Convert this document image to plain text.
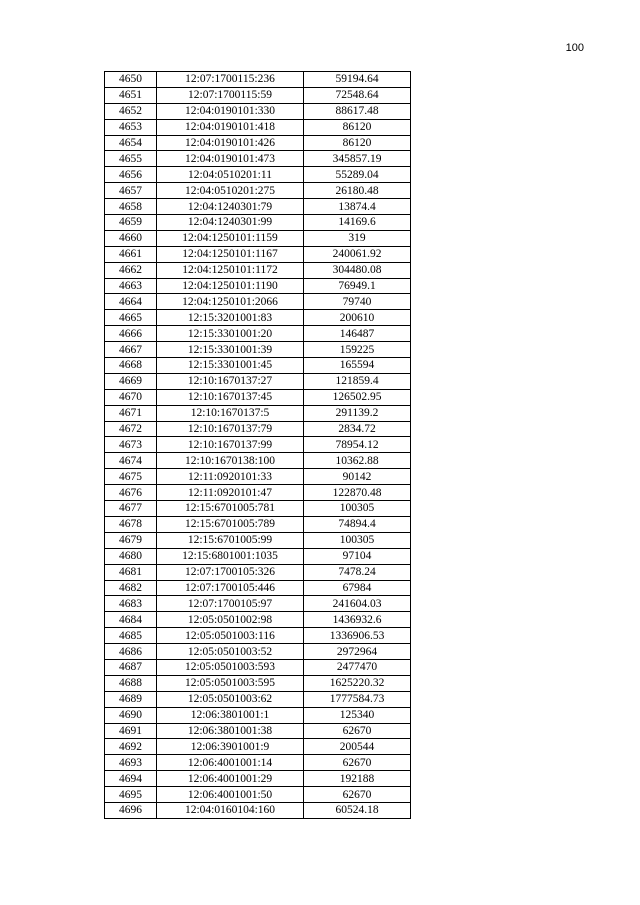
100
4650	12:07:1700115:236	59194.64
4651	12:07:1700115:59	72548.64
4652	12:04:0190101:330	88617.48
4653	12:04:0190101:418	86120
4654	12:04:0190101:426	86120
4655	12:04:0190101:473	345857.19
4656	12:04:0510201:11	55289.04
4657	12:04:0510201:275	26180.48
4658	12:04:1240301:79	13874.4
4659	12:04:1240301:99	14169.6
4660	12:04:1250101:1159	319
4661	12:04:1250101:1167	240061.92
4662	12:04:1250101:1172	304480.08
4663	12:04:1250101:1190	76949.1
4664	12:04:1250101:2066	79740
4665	12:15:3201001:83	200610
4666	12:15:3301001:20	146487
4667	12:15:3301001:39	159225
4668	12:15:3301001:45	165594
4669	12:10:1670137:27	121859.4
4670	12:10:1670137:45	126502.95
4671	12:10:1670137:5	291139.2
4672	12:10:1670137:79	2834.72
4673	12:10:1670137:99	78954.12
4674	12:10:1670138:100	10362.88
4675	12:11:0920101:33	90142
4676	12:11:0920101:47	122870.48
4677	12:15:6701005:781	100305
4678	12:15:6701005:789	74894.4
4679	12:15:6701005:99	100305
4680	12:15:6801001:1035	97104
4681	12:07:1700105:326	7478.24
4682	12:07:1700105:446	67984
4683	12:07:1700105:97	241604.03
4684	12:05:0501002:98	1436932.6
4685	12:05:0501003:116	1336906.53
4686	12:05:0501003:52	2972964
4687	12:05:0501003:593	2477470
4688	12:05:0501003:595	1625220.32
4689	12:05:0501003:62	1777584.73
4690	12:06:3801001:1	125340
4691	12:06:3801001:38	62670
4692	12:06:3901001:9	200544
4693	12:06:4001001:14	62670
4694	12:06:4001001:29	192188
4695	12:06:4001001:50	62670
4696	12:04:0160104:160	60524.18
